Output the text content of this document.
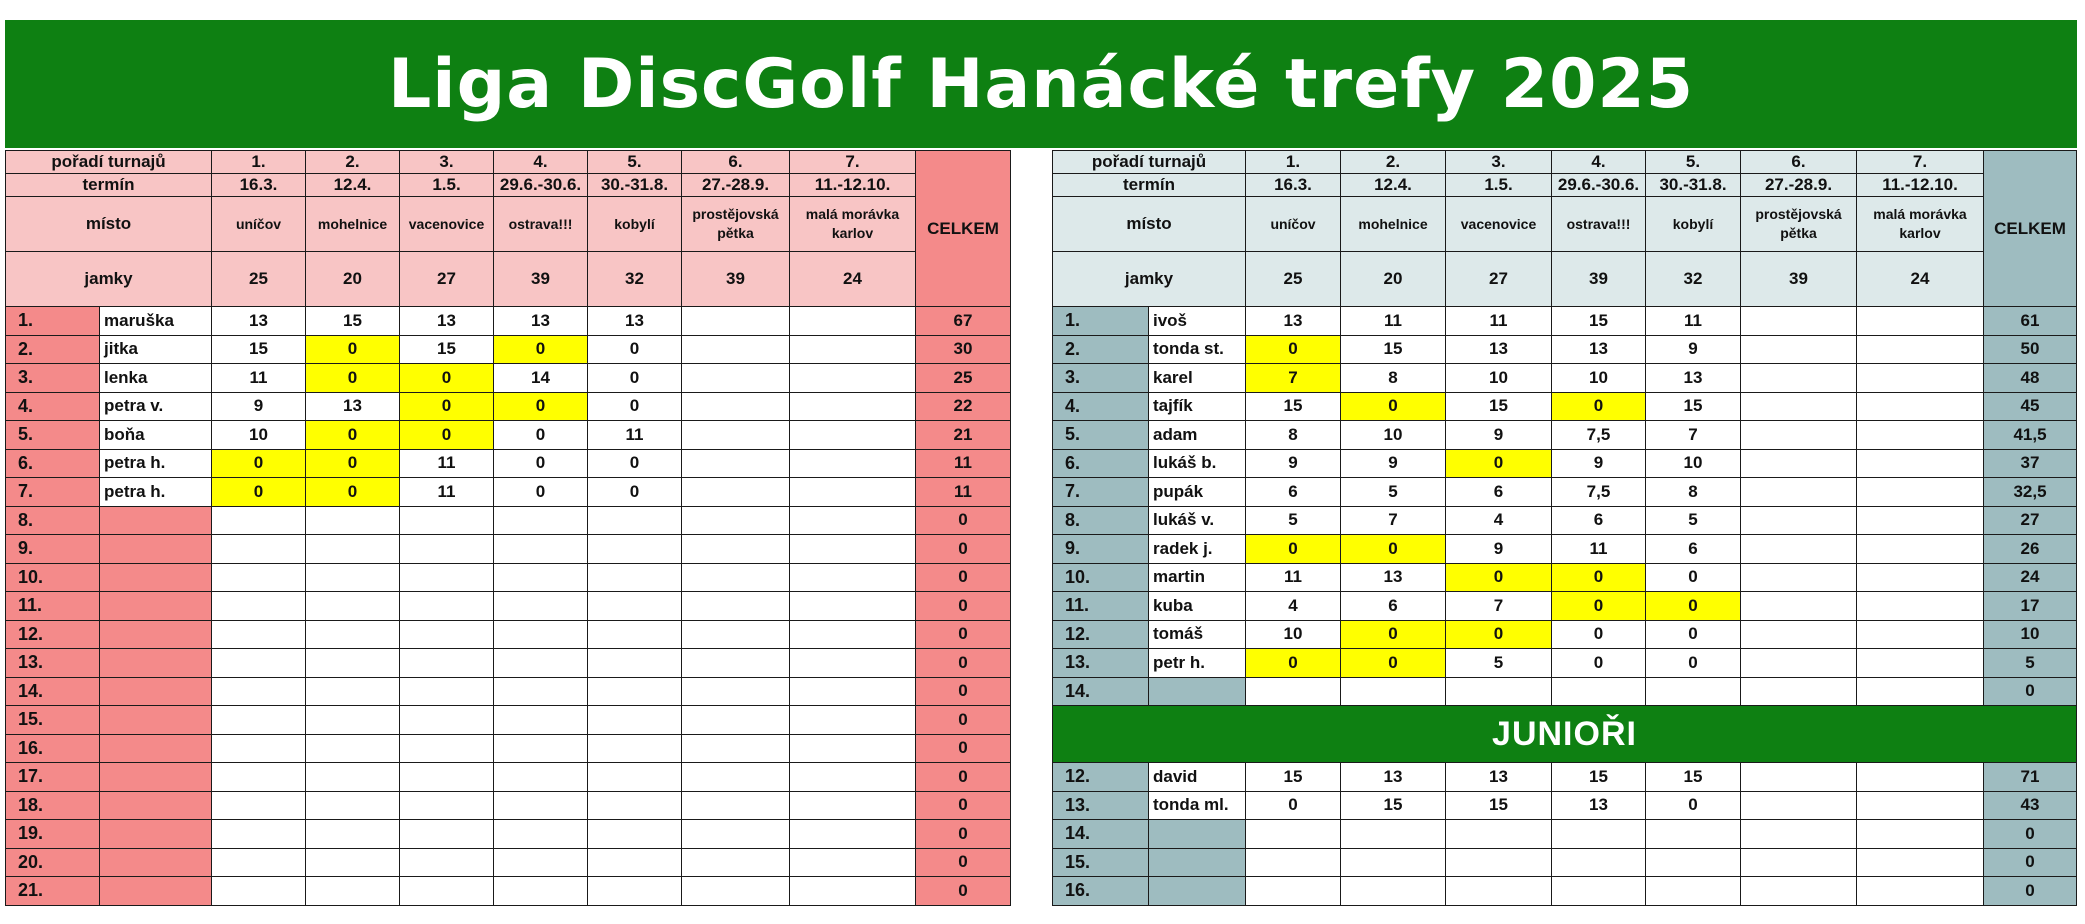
Liga DiscGolf Hanácké trefy 2025
pořadí turnajů		1.	2.	3.	4.	5.	6.	7.	CELKEM
termín		16.3.	12.4.	1.5.	29.6.-30.6.	30.-31.8.	27.-28.9.	11.-12.10.	
místo		uníčov	mohelnice	vacenovice	ostrava!!!	kobylí	prostějovská pětka	malá morávka karlov	
jamky		25	20	27	39	32	39	24	
1.	maruška	13	15	13	13	13			67
2.	jitka	15	0	15	0	0			30
3.	lenka	11	0	0	14	0			25
4.	petra v.	9	13	0	0	0			22
5.	boňa	10	0	0	0	11			21
6.	petra h.	0	0	11	0	0			11
7.	petra h.	0	0	11	0	0			11
8.									0
9.									0
10.									0
11.									0
12.									0
13.									0
14.									0
15.									0
16.									0
17.									0
18.									0
19.									0
20.									0
21.									0
pořadí turnajů		1.	2.	3.	4.	5.	6.	7.	CELKEM
termín		16.3.	12.4.	1.5.	29.6.-30.6.	30.-31.8.	27.-28.9.	11.-12.10.	
místo		uníčov	mohelnice	vacenovice	ostrava!!!	kobylí	prostějovská pětka	malá morávka karlov	
jamky		25	20	27	39	32	39	24	
1.	ivoš	13	11	11	15	11			61
2.	tonda st.	0	15	13	13	9			50
3.	karel	7	8	10	10	13			48
4.	tajfík	15	0	15	0	15			45
5.	adam	8	10	9	7,5	7			41,5
6.	lukáš b.	9	9	0	9	10			37
7.	pupák	6	5	6	7,5	8			32,5
8.	lukáš v.	5	7	4	6	5			27
9.	radek j.	0	0	9	11	6			26
10.	martin	11	13	0	0	0			24
11.	kuba	4	6	7	0	0			17
12.	tomáš	10	0	0	0	0			10
13.	petr h.	0	0	5	0	0			5
14.									0
JUNIOŘI									
12.	david	15	13	13	15	15			71
13.	tonda ml.	0	15	15	13	0			43
14.									0
15.									0
16.									0
